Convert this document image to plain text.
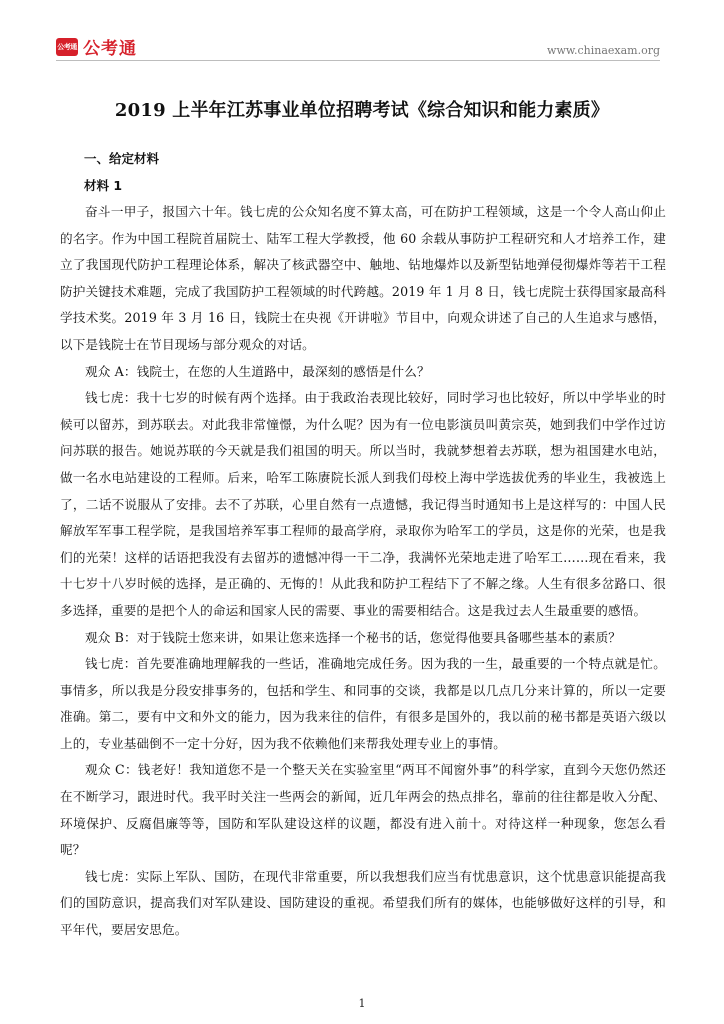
公考通 公考通	www.chinaexam.org
2019 上半年江苏事业单位招聘考试《综合知识和能力素质》
一、给定材料
材料 1

奋斗一甲子，报国六十年。钱七虎的公众知名度不算太高，可在防护工程领域，这是一个令人高山仰止的名字。作为中国工程院首届院士、陆军工程大学教授，他 60 余载从事防护工程研究和人才培养工作，建立了我国现代防护工程理论体系，解决了核武器空中、触地、钻地爆炸以及新型钻地弹侵彻爆炸等若干工程防护关键技术难题，完成了我国防护工程领域的时代跨越。2019 年 1 月 8 日，钱七虎院士获得国家最高科学技术奖。2019 年 3 月 16 日，钱院士在央视《开讲啦》节目中，向观众讲述了自己的人生追求与感悟，以下是钱院士在节目现场与部分观众的对话。

观众 A：钱院士，在您的人生道路中，最深刻的感悟是什么？

钱七虎：我十七岁的时候有两个选择。由于我政治表现比较好，同时学习也比较好，所以中学毕业的时候可以留苏，到苏联去。对此我非常憧憬，为什么呢？因为有一位电影演员叫黄宗英，她到我们中学作过访问苏联的报告。她说苏联的今天就是我们祖国的明天。所以当时，我就梦想着去苏联，想为祖国建水电站，做一名水电站建设的工程师。后来，哈军工陈赓院长派人到我们母校上海中学选拔优秀的毕业生，我被选上了，二话不说服从了安排。去不了苏联，心里自然有一点遗憾，我记得当时通知书上是这样写的：中国人民解放军军事工程学院，是我国培养军事工程师的最高学府，录取你为哈军工的学员，这是你的光荣，也是我们的光荣！这样的话语把我没有去留苏的遗憾冲得一干二净，我满怀光荣地走进了哈军工……现在看来，我十七岁十八岁时候的选择，是正确的、无悔的！从此我和防护工程结下了不解之缘。人生有很多岔路口、很多选择，重要的是把个人的命运和国家人民的需要、事业的需要相结合。这是我过去人生最重要的感悟。

观众 B：对于钱院士您来讲，如果让您来选择一个秘书的话，您觉得他要具备哪些基本的素质？

钱七虎：首先要准确地理解我的一些话，准确地完成任务。因为我的一生，最重要的一个特点就是忙。事情多，所以我是分段安排事务的，包括和学生、和同事的交谈，我都是以几点几分来计算的，所以一定要准确。第二，要有中文和外文的能力，因为我来往的信件，有很多是国外的，我以前的秘书都是英语六级以上的，专业基础倒不一定十分好，因为我不依赖他们来帮我处理专业上的事情。

观众 C：钱老好！我知道您不是一个整天关在实验室里“两耳不闻窗外事”的科学家，直到今天您仍然还在不断学习，跟进时代。我平时关注一些两会的新闻，近几年两会的热点排名，靠前的往往都是收入分配、环境保护、反腐倡廉等等，国防和军队建设这样的议题，都没有进入前十。对待这样一种现象，您怎么看呢？

钱七虎：实际上军队、国防，在现代非常重要，所以我想我们应当有忧患意识，这个忧患意识能提高我们的国防意识，提高我们对军队建设、国防建设的重视。希望我们所有的媒体，也能够做好这样的引导，和平年代，要居安思危。

1
